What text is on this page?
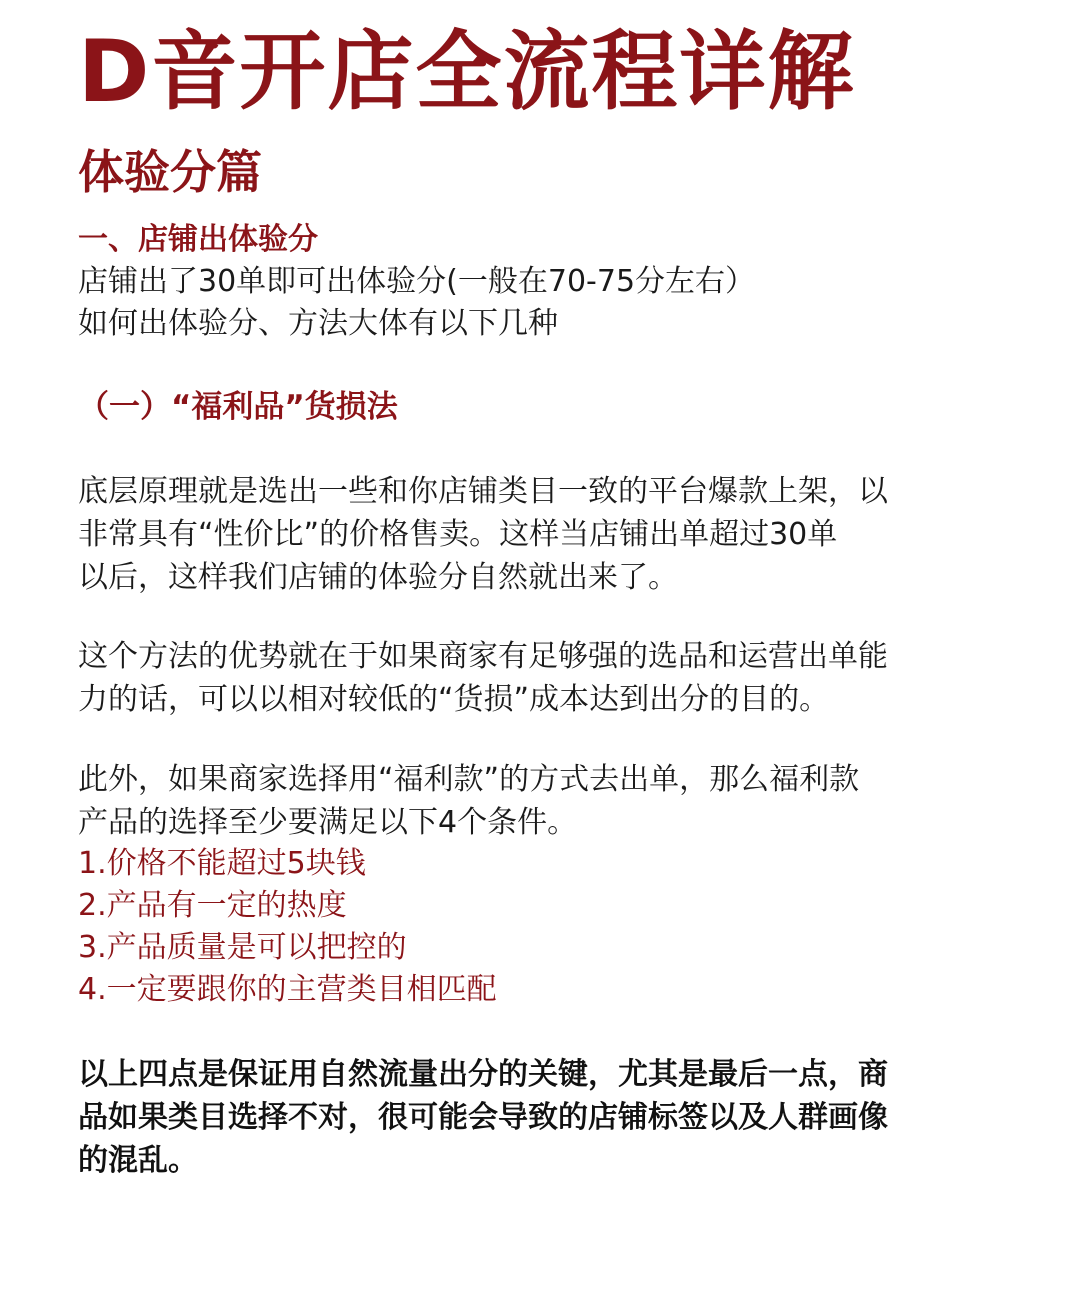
D音开店全流程详解
体验分篇
一、店铺出体验分
店铺出了30单即可出体验分(一般在70-75分左右）
如何出体验分、方法大体有以下几种
（一）“福利品”货损法
底层原理就是选出一些和你店铺类目一致的平台爆款上架，以
非常具有“性价比”的价格售卖。这样当店铺出单超过30单
以后，这样我们店铺的体验分自然就出来了。
这个方法的优势就在于如果商家有足够强的选品和运营出单能
力的话，可以以相对较低的“货损”成本达到出分的目的。
此外，如果商家选择用“福利款”的方式去出单，那么福利款
产品的选择至少要满足以下4个条件。
1.价格不能超过5块钱
2.产品有一定的热度
3.产品质量是可以把控的
4.一定要跟你的主营类目相匹配
以上四点是保证用自然流量出分的关键，尤其是最后一点，商
品如果类目选择不对，很可能会导致的店铺标签以及人群画像
的混乱。
